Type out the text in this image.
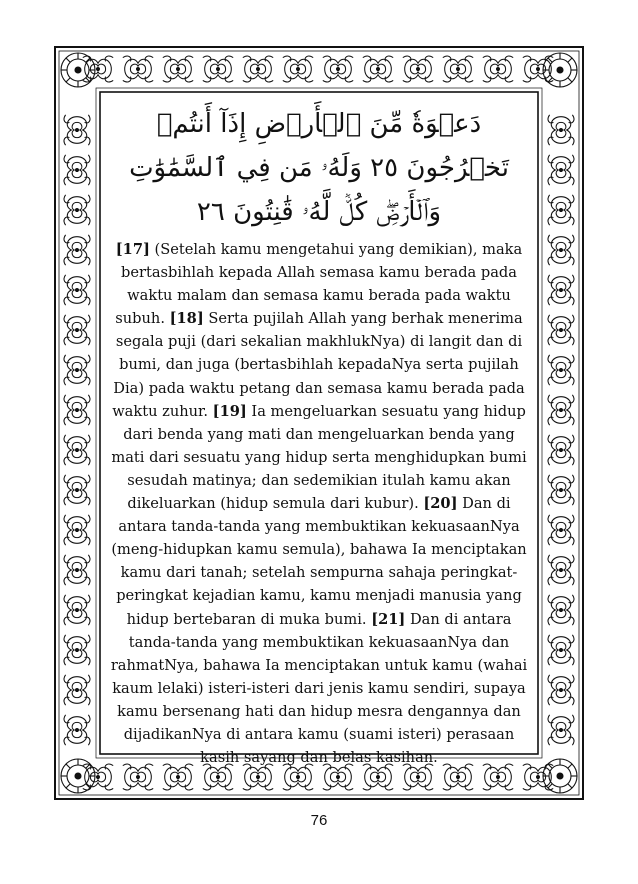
دَعۡوَةٗ مِّنَ ٱلۡأَرۡضِ إِذَآ أَنتُمۡ تَخۡرُجُونَ ٢٥ وَلَهُۥ مَن فِي ٱلسَّمَٰوَٰتِ
وَٱلۡأَرۡضِۖ كُلّٞ لَّهُۥ قَٰنِتُونَ ٢٦

[17] (Setelah kamu mengetahui yang demikian), maka bertasbihlah kepada Allah semasa kamu berada pada waktu malam dan semasa kamu berada pada waktu subuh. [18] Serta pujilah Allah yang berhak menerima segala puji (dari sekalian makhlukNya) di langit dan di bumi, dan juga (bertasbihlah kepadaNya serta pujilah Dia) pada waktu petang dan semasa kamu berada pada waktu zuhur. [19] Ia mengeluarkan sesuatu yang hidup dari benda yang mati dan mengeluarkan benda yang mati dari sesuatu yang hidup serta menghidupkan bumi sesudah matinya; dan sedemikian itulah kamu akan dikeluarkan (hidup semula dari kubur). [20] Dan di antara tanda-tanda yang membuktikan kekuasaanNya (meng-hidupkan kamu semula), bahawa Ia menciptakan kamu dari tanah; setelah sempurna sahaja peringkat-peringkat kejadian kamu, kamu menjadi manusia yang hidup bertebaran di muka bumi. [21] Dan di antara tanda-tanda yang membuktikan kekuasaanNya dan rahmatNya, bahawa Ia menciptakan untuk kamu (wahai kaum lelaki) isteri-isteri dari jenis kamu sendiri, supaya kamu bersenang hati dan hidup mesra dengannya dan dijadikanNya di antara kamu (suami isteri) perasaan kasih sayang dan belas kasihan.

76
